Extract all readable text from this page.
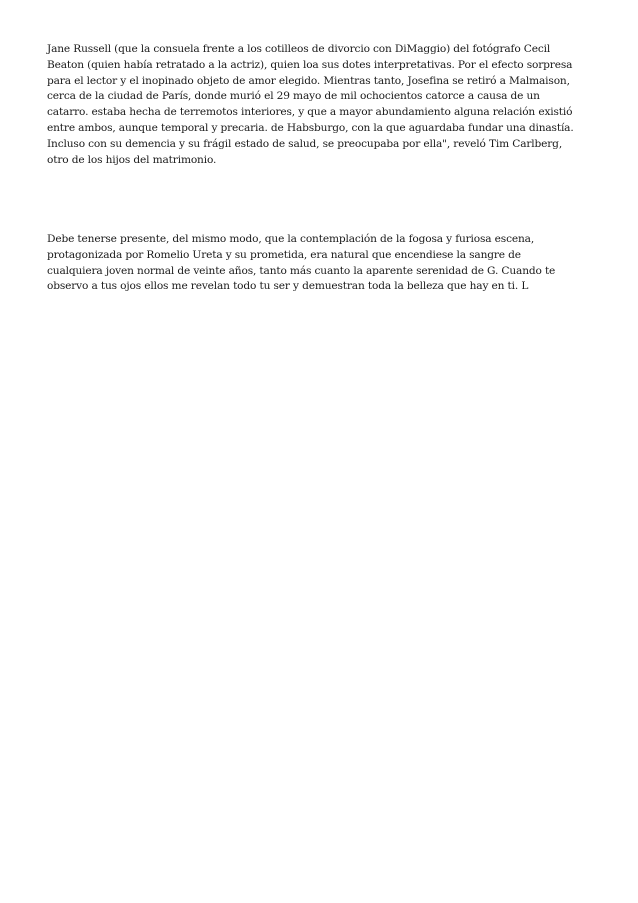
Jane Russell (que la consuela frente a los cotilleos de divorcio con DiMaggio) del fotógrafo Cecil
Beaton (quien había retratado a la actriz), quien loa sus dotes interpretativas. Por el efecto sorpresa
para el lector y el inopinado objeto de amor elegido. Mientras tanto, Josefina se retiró a Malmaison,
cerca de la ciudad de París, donde murió el 29 mayo de mil ochocientos catorce a causa de un
catarro. estaba hecha de terremotos interiores, y que a mayor abundamiento alguna relación existió
entre ambos, aunque temporal y precaria. de Habsburgo, con la que aguardaba fundar una dinastía.
Incluso con su demencia y su frágil estado de salud, se preocupaba por ella", reveló Tim Carlberg,
otro de los hijos del matrimonio.

Debe tenerse presente, del mismo modo, que la contemplación de la fogosa y furiosa escena,
protagonizada por Romelio Ureta y su prometida, era natural que encendiese la sangre de
cualquiera joven normal de veinte años, tanto más cuanto la aparente serenidad de G. Cuando te
observo a tus ojos ellos me revelan todo tu ser y demuestran toda la belleza que hay en ti. L
